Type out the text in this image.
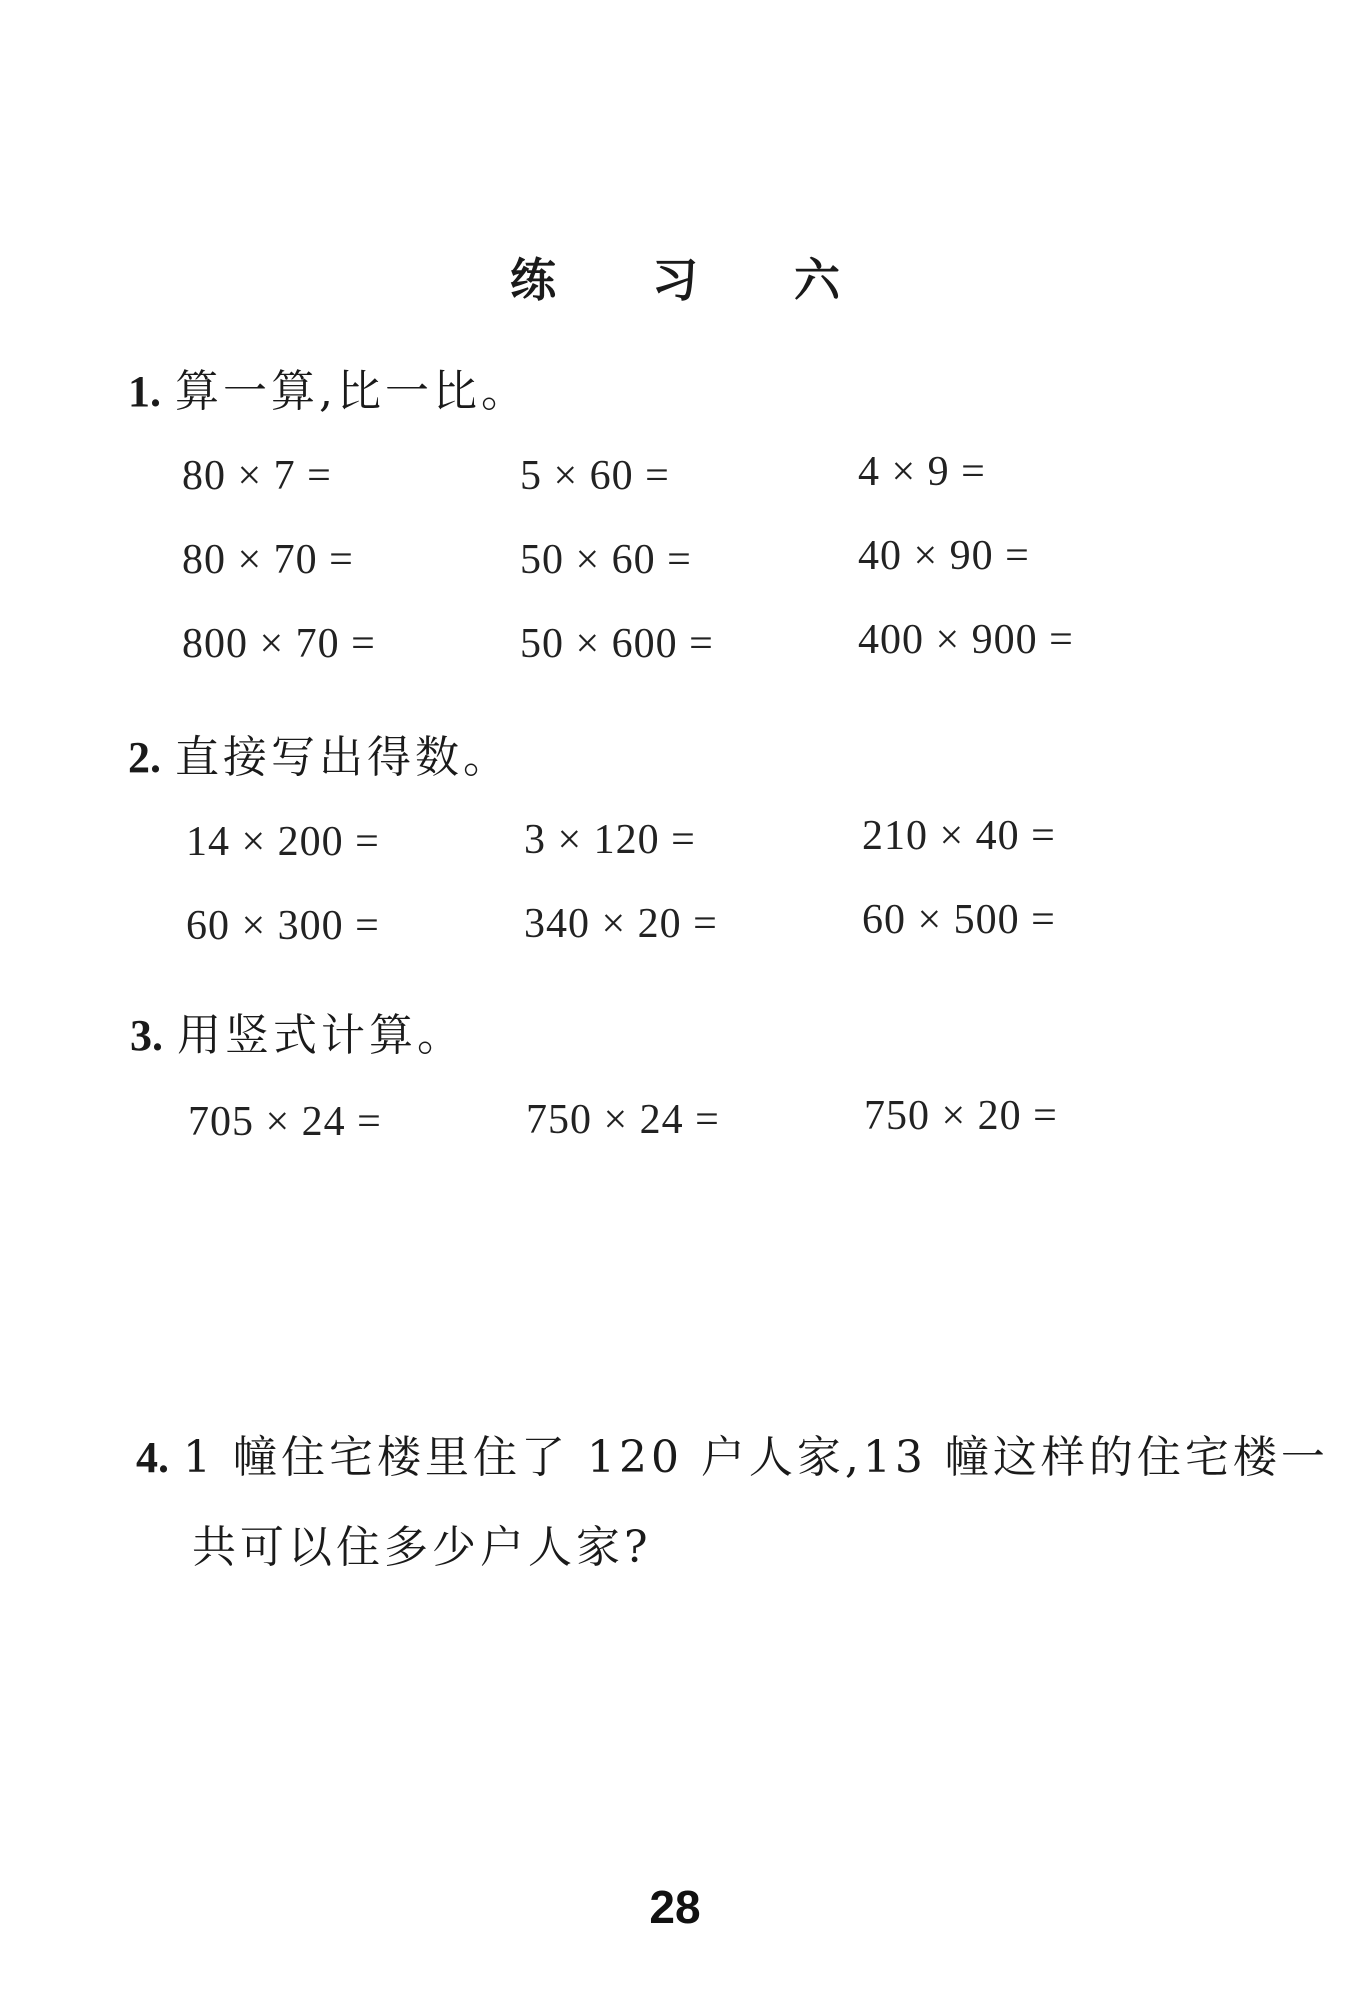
练 习 六
1. 算一算,比一比。
80 × 7 =	5 × 60 =	4 × 9 =
80 × 70 =	50 × 60 =	40 × 90 =
800 × 70 =	50 × 600 =	400 × 900 =
2. 直接写出得数。
14 × 200 =	3 × 120 =	210 × 40 =
60 × 300 =	340 × 20 =	60 × 500 =
3. 用竖式计算。
705 × 24 =	750 × 24 =	750 × 20 =
4. 1 幢住宅楼里住了 120 户人家,13 幢这样的住宅楼一
共可以住多少户人家?
28
